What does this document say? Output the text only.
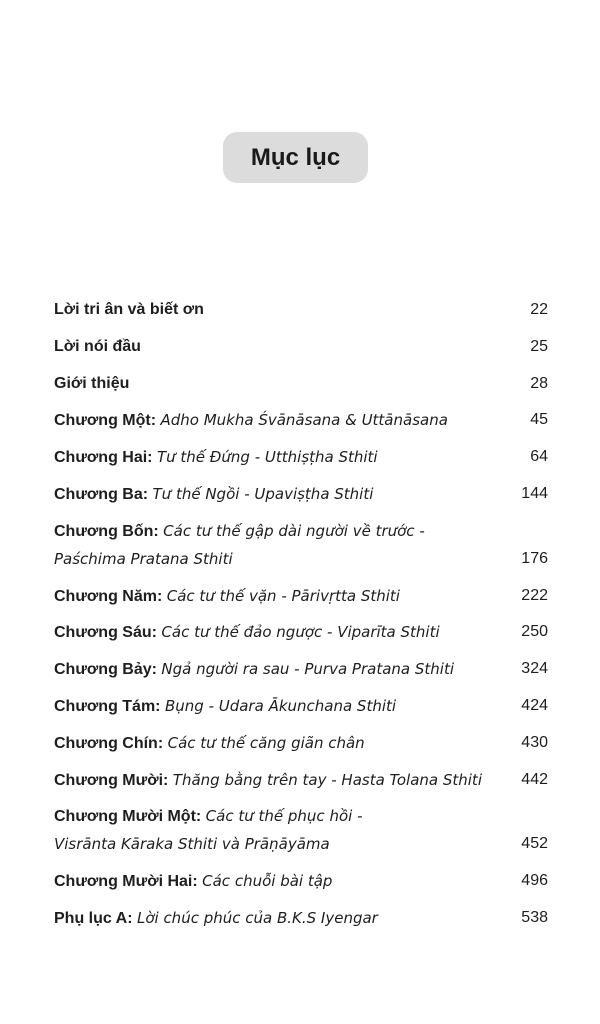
Mục lục
Lời tri ân và biết ơn	22
Lời nói đầu	25
Giới thiệu	28
Chương Một: Adho Mukha Śvānāsana & Uttānāsana	45
Chương Hai: Tư thế Đứng - Utthiṣṭha Sthiti	64
Chương Ba: Tư thế Ngồi - Upaviṣṭha Sthiti	144
Chương Bốn: Các tư thế gập dài người về trước -
Paśchima Pratana Sthiti	176
Chương Năm: Các tư thế vặn - Pārivṛtta Sthiti	222
Chương Sáu: Các tư thế đảo ngược - Viparīta Sthiti	250
Chương Bảy: Ngả người ra sau - Purva Pratana Sthiti	324
Chương Tám: Bụng - Udara Ākunchana Sthiti	424
Chương Chín: Các tư thế căng giãn chân	430
Chương Mười: Thăng bằng trên tay - Hasta Tolana Sthiti	442
Chương Mười Một: Các tư thế phục hồi -
Visrānta Kāraka Sthiti và Prāṇāyāma	452
Chương Mười Hai: Các chuỗi bài tập	496
Phụ lục A: Lời chúc phúc của B.K.S Iyengar	538
